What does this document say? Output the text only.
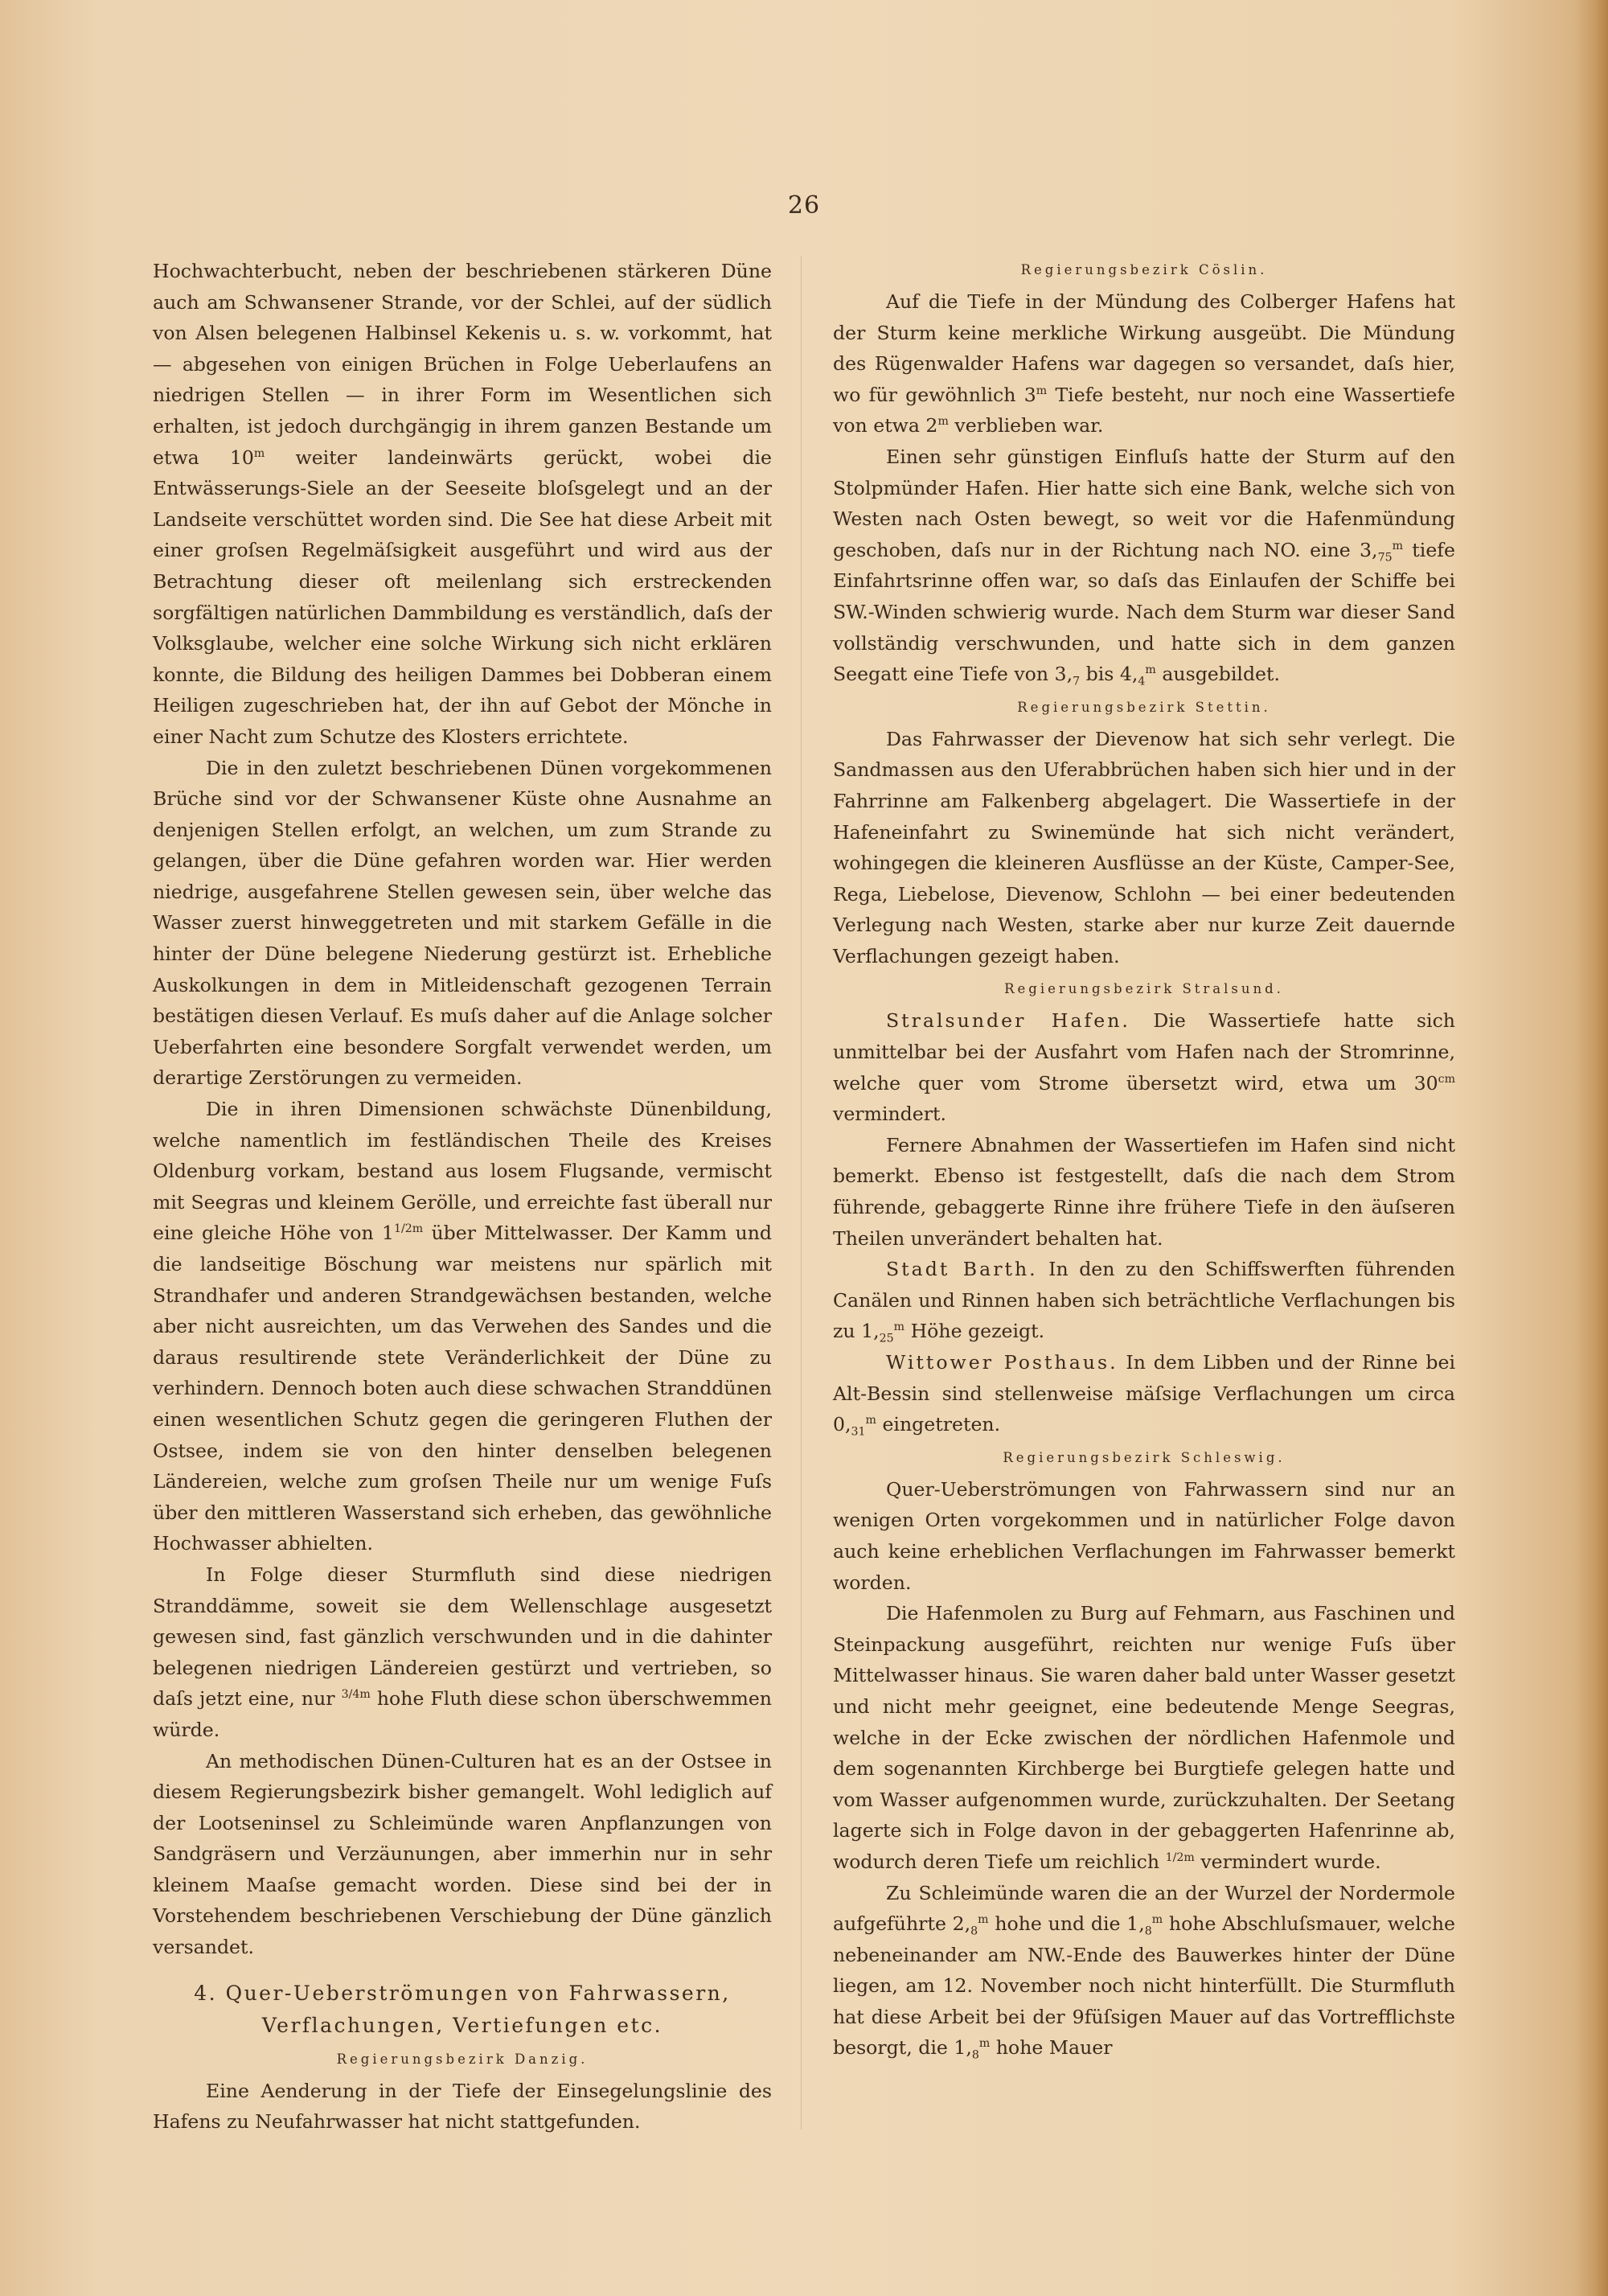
26

Hochwachterbucht, neben der beschriebenen stärkeren Düne auch am Schwansener Strande, vor der Schlei, auf der südlich von Alsen belegenen Halbinsel Kekenis u. s. w. vorkommt, hat — abgesehen von einigen Brüchen in Folge Ueberlaufens an niedrigen Stellen — in ihrer Form im Wesentlichen sich erhalten, ist jedoch durchgängig in ihrem ganzen Bestande um etwa 10$^m$ weiter landeinwärts gerückt, wobei die Entwässerungs-Siele an der Seeseite bloſsgelegt und an der Landseite verschüttet worden sind. Die See hat diese Arbeit mit einer groſsen Regelmäſsigkeit ausgeführt und wird aus der Betrachtung dieser oft meilenlang sich erstreckenden sorgfältigen natürlichen Dammbildung es verständlich, daſs der Volksglaube, welcher eine solche Wirkung sich nicht erklären konnte, die Bildung des heiligen Dammes bei Dobberan einem Heiligen zugeschrieben hat, der ihn auf Gebot der Mönche in einer Nacht zum Schutze des Klosters errichtete.

Die in den zuletzt beschriebenen Dünen vorgekommenen Brüche sind vor der Schwansener Küste ohne Ausnahme an denjenigen Stellen erfolgt, an welchen, um zum Strande zu gelangen, über die Düne gefahren worden war. Hier werden niedrige, ausgefahrene Stellen gewesen sein, über welche das Wasser zuerst hinweggetreten und mit starkem Gefälle in die hinter der Düne belegene Niederung gestürzt ist. Erhebliche Auskolkungen in dem in Mitleidenschaft gezogenen Terrain bestätigen diesen Verlauf. Es muſs daher auf die Anlage solcher Ueberfahrten eine besondere Sorgfalt verwendet werden, um derartige Zerstörungen zu vermeiden.

Die in ihren Dimensionen schwächste Dünenbildung, welche namentlich im festländischen Theile des Kreises Oldenburg vorkam, bestand aus losem Flugsande, vermischt mit Seegras und kleinem Gerölle, und erreichte fast überall nur eine gleiche Höhe von $1^{1/2m}$ über Mittelwasser. Der Kamm und die landseitige Böschung war meistens nur spärlich mit Strandhafer und anderen Strandgewächsen bestanden, welche aber nicht ausreichten, um das Verwehen des Sandes und die daraus resultirende stete Veränderlichkeit der Düne zu verhindern. Dennoch boten auch diese schwachen Stranddünen einen wesentlichen Schutz gegen die geringeren Fluthen der Ostsee, indem sie von den hinter denselben belegenen Ländereien, welche zum groſsen Theile nur um wenige Fuſs über den mittleren Wasserstand sich erheben, das gewöhnliche Hochwasser abhielten.

In Folge dieser Sturmfluth sind diese niedrigen Stranddämme, soweit sie dem Wellenschlage ausgesetzt gewesen sind, fast gänzlich verschwunden und in die dahinter belegenen niedrigen Ländereien gestürzt und vertrieben, so daſs jetzt eine, nur $^{3/4m}$ hohe Fluth diese schon überschwemmen würde.

An methodischen Dünen-Culturen hat es an der Ostsee in diesem Regierungsbezirk bisher gemangelt. Wohl lediglich auf der Lootseninsel zu Schleimünde waren Anpflanzungen von Sandgräsern und Verzäunungen, aber immerhin nur in sehr kleinem Maaſse gemacht worden. Diese sind bei der in Vorstehendem beschriebenen Verschiebung der Düne gänzlich versandet.

4. Quer-Ueberströmungen von Fahrwassern, Verflachungen, Vertiefungen etc.
Regierungsbezirk Danzig.

Eine Aenderung in der Tiefe der Einsegelungslinie des Hafens zu Neufahrwasser hat nicht stattgefunden.

Regierungsbezirk Cöslin.

Auf die Tiefe in der Mündung des Colberger Hafens hat der Sturm keine merkliche Wirkung ausgeübt. Die Mündung des Rügenwalder Hafens war dagegen so versandet, daſs hier, wo für gewöhnlich 3$^m$ Tiefe besteht, nur noch eine Wassertiefe von etwa 2$^m$ verblieben war.

Einen sehr günstigen Einfluſs hatte der Sturm auf den Stolpmünder Hafen. Hier hatte sich eine Bank, welche sich von Westen nach Osten bewegt, so weit vor die Hafenmündung geschoben, daſs nur in der Richtung nach NO. eine $3,_{75}^m$ tiefe Einfahrtsrinne offen war, so daſs das Einlaufen der Schiffe bei SW.-Winden schwierig wurde. Nach dem Sturm war dieser Sand vollständig verschwunden, und hatte sich in dem ganzen Seegatt eine Tiefe von $3,_7$ bis $4,_4^m$ ausgebildet.

Regierungsbezirk Stettin.

Das Fahrwasser der Dievenow hat sich sehr verlegt. Die Sandmassen aus den Uferabbrüchen haben sich hier und in der Fahrrinne am Falkenberg abgelagert. Die Wassertiefe in der Hafeneinfahrt zu Swinemünde hat sich nicht verändert, wohingegen die kleineren Ausflüsse an der Küste, Camper-See, Rega, Liebelose, Dievenow, Schlohn — bei einer bedeutenden Verlegung nach Westen, starke aber nur kurze Zeit dauernde Verflachungen gezeigt haben.

Regierungsbezirk Stralsund.

Stralsunder Hafen. Die Wassertiefe hatte sich unmittelbar bei der Ausfahrt vom Hafen nach der Stromrinne, welche quer vom Strome übersetzt wird, etwa um $30^{cm}$ vermindert.

Fernere Abnahmen der Wassertiefen im Hafen sind nicht bemerkt. Ebenso ist festgestellt, daſs die nach dem Strom führende, gebaggerte Rinne ihre frühere Tiefe in den äuſseren Theilen unverändert behalten hat.

Stadt Barth. In den zu den Schiffswerften führenden Canälen und Rinnen haben sich beträchtliche Verflachungen bis zu $1,_{25}^m$ Höhe gezeigt.

Wittower Posthaus. In dem Libben und der Rinne bei Alt-Bessin sind stellenweise mäſsige Verflachungen um circa $0,_{31}^m$ eingetreten.

Regierungsbezirk Schleswig.

Quer-Ueberströmungen von Fahrwassern sind nur an wenigen Orten vorgekommen und in natürlicher Folge davon auch keine erheblichen Verflachungen im Fahrwasser bemerkt worden.

Die Hafenmolen zu Burg auf Fehmarn, aus Faschinen und Steinpackung ausgeführt, reichten nur wenige Fuſs über Mittelwasser hinaus. Sie waren daher bald unter Wasser gesetzt und nicht mehr geeignet, eine bedeutende Menge Seegras, welche in der Ecke zwischen der nördlichen Hafenmole und dem sogenannten Kirchberge bei Burgtiefe gelegen hatte und vom Wasser aufgenommen wurde, zurückzuhalten. Der Seetang lagerte sich in Folge davon in der gebaggerten Hafenrinne ab, wodurch deren Tiefe um reichlich $^{1/2m}$ vermindert wurde.

Zu Schleimünde waren die an der Wurzel der Nordermole aufgeführte $2,_8^m$ hohe und die $1,_8^m$ hohe Abschluſsmauer, welche nebeneinander am NW.-Ende des Bauwerkes hinter der Düne liegen, am 12. November noch nicht hinterfüllt. Die Sturmfluth hat diese Arbeit bei der 9füſsigen Mauer auf das Vortrefflichste besorgt, die $1,_8^m$ hohe Mauer
